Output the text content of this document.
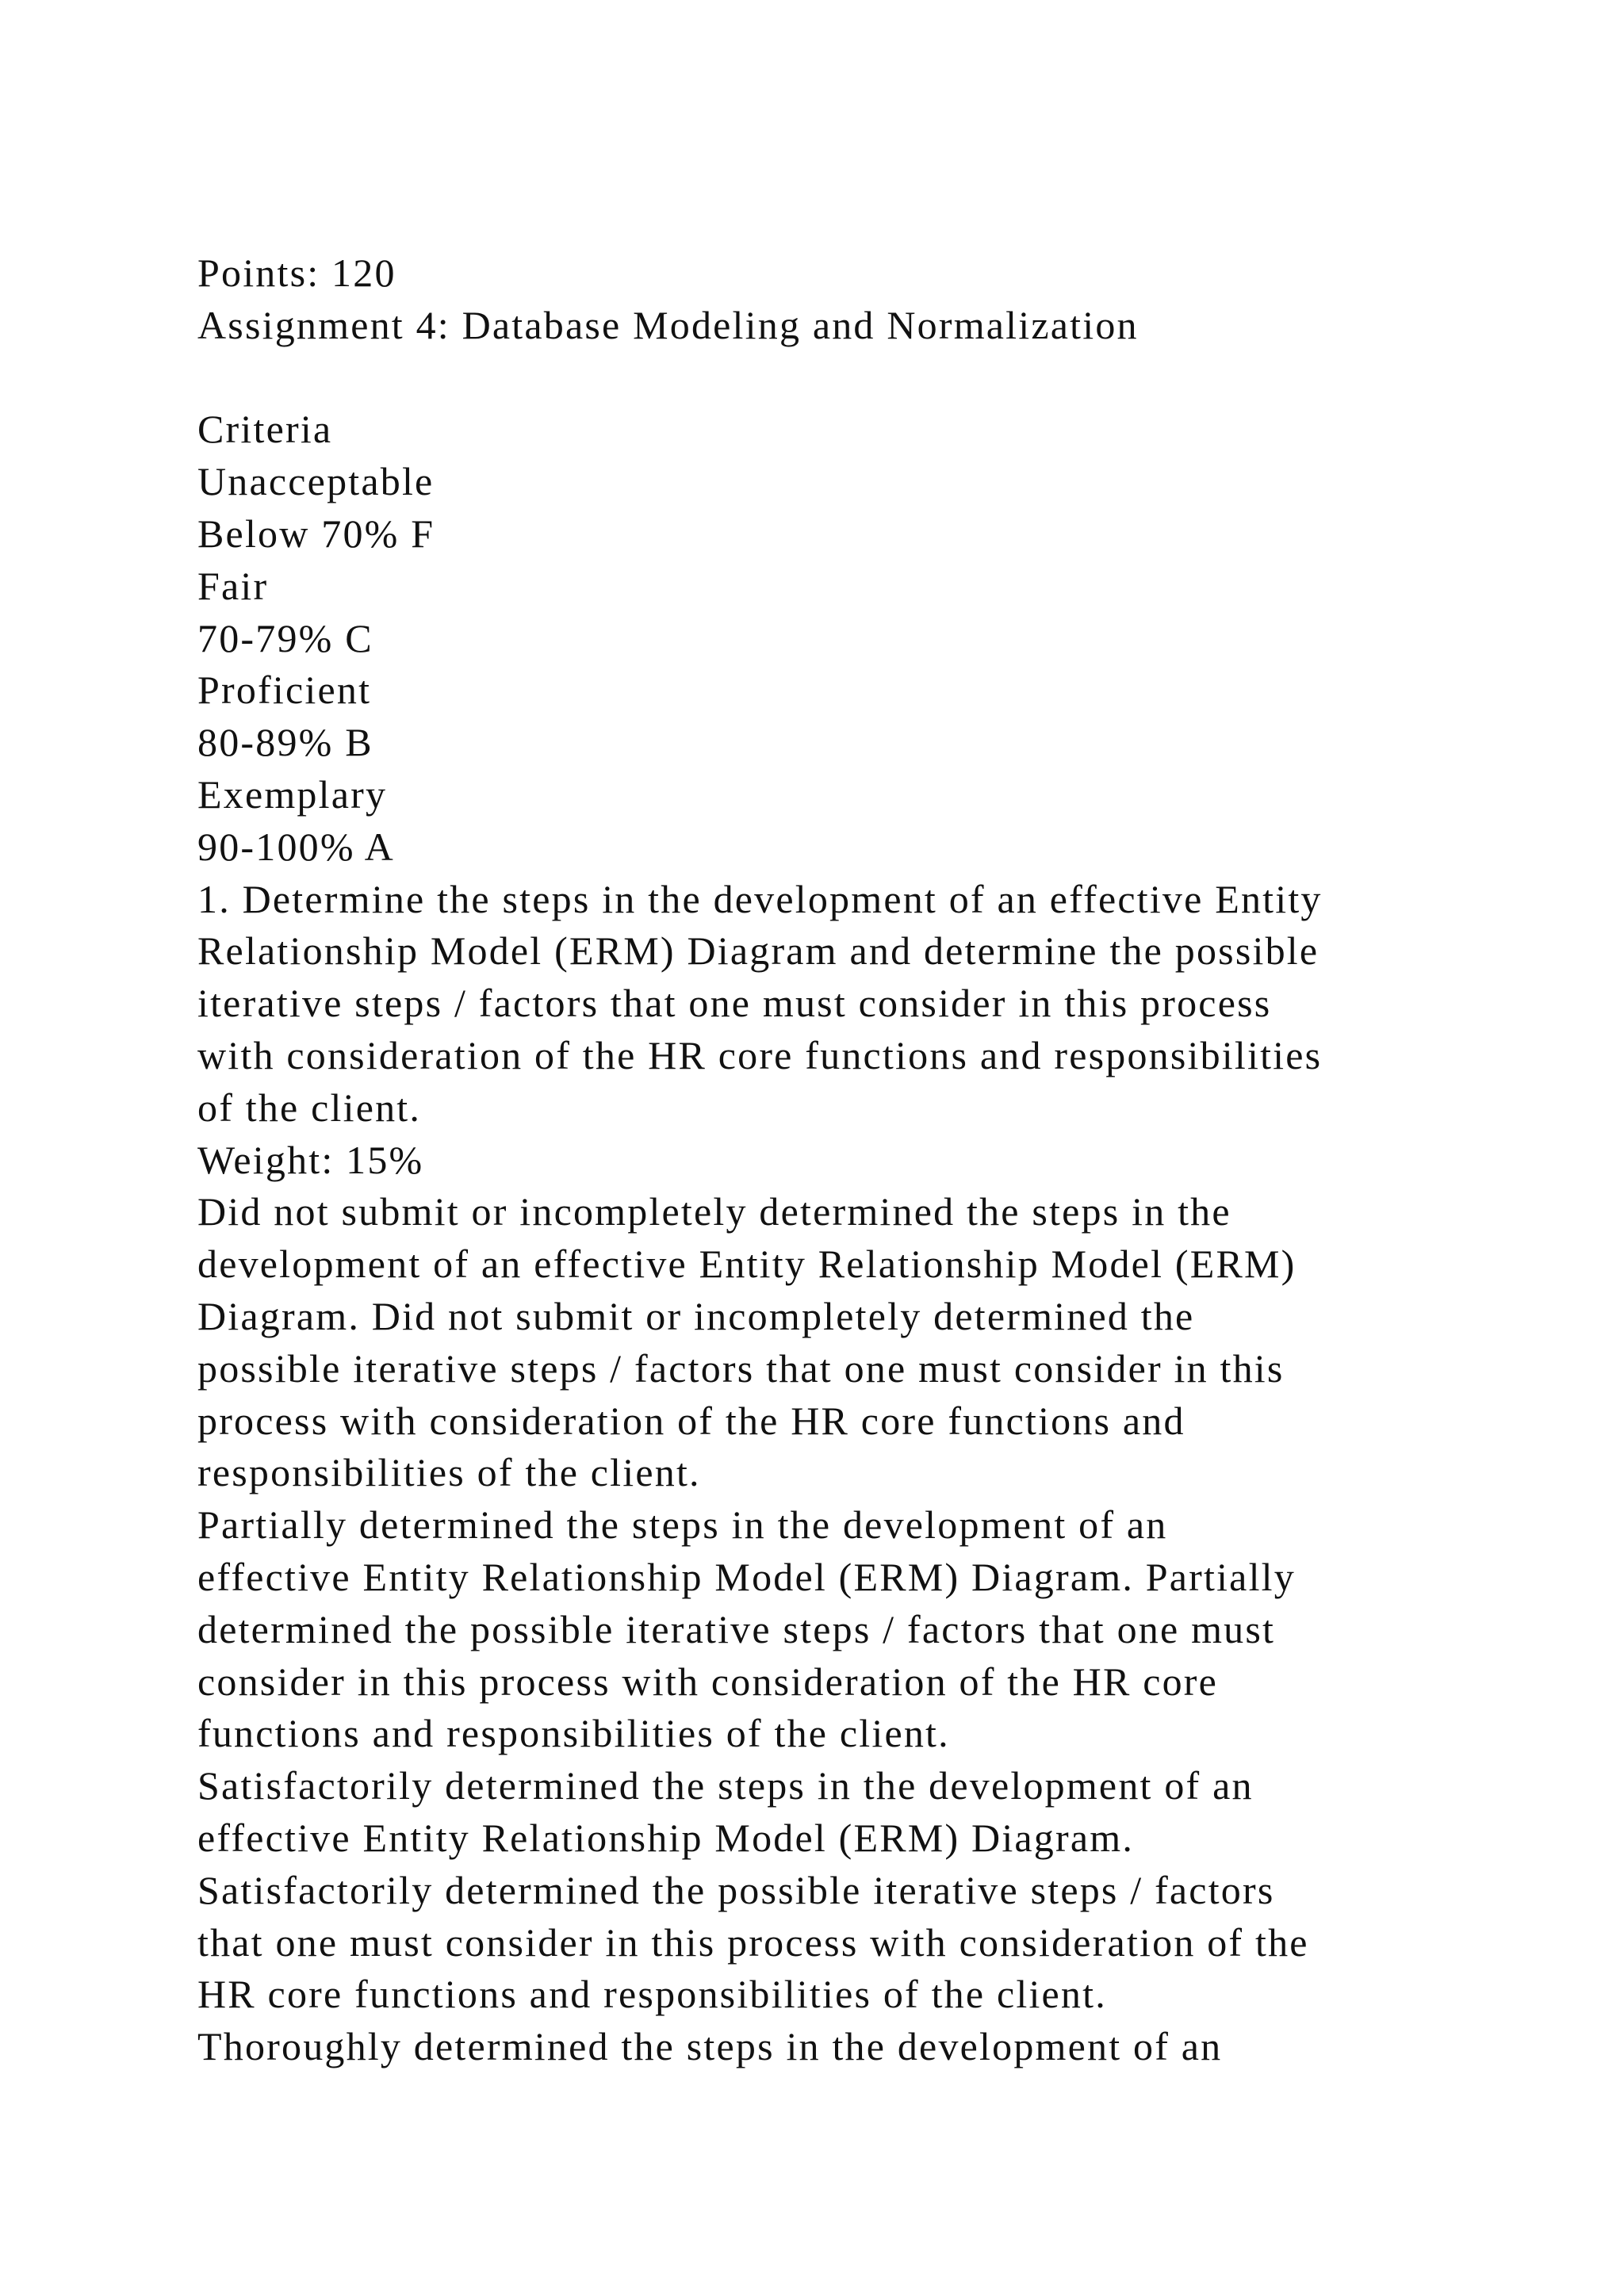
Points: 120
Assignment 4: Database Modeling and Normalization
Criteria
Unacceptable
Below 70% F
Fair
70-79% C
Proficient
80-89% B
Exemplary
90-100% A
1. Determine the steps in the development of an effective Entity
Relationship Model (ERM) Diagram and determine the possible
iterative steps / factors that one must consider in this process
with consideration of the HR core functions and responsibilities
of the client.
Weight: 15%
Did not submit or incompletely determined the steps in the
development of an effective Entity Relationship Model (ERM)
Diagram. Did not submit or incompletely determined the
possible iterative steps / factors that one must consider in this
process with consideration of the HR core functions and
responsibilities of the client.
Partially determined the steps in the development of an
effective Entity Relationship Model (ERM) Diagram. Partially
determined the possible iterative steps / factors that one must
consider in this process with consideration of the HR core
functions and responsibilities of the client.
Satisfactorily determined the steps in the development of an
effective Entity Relationship Model (ERM) Diagram.
Satisfactorily determined the possible iterative steps / factors
that one must consider in this process with consideration of the
HR core functions and responsibilities of the client.
Thoroughly determined the steps in the development of an
